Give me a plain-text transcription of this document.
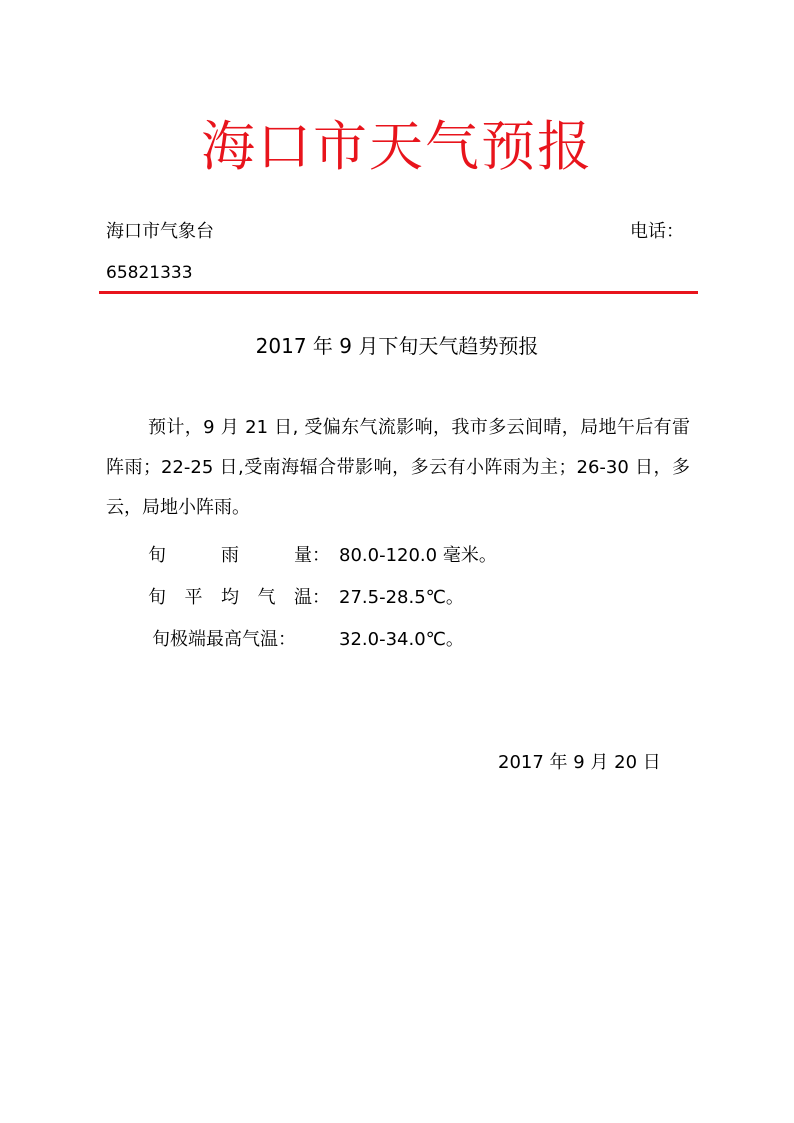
海口市天气预报
海口市气象台	电话：
65821333
2017 年 9 月下旬天气趋势预报

预计，9 月 21 日, 受偏东气流影响，我市多云间晴，局地午后有雷阵雨；22-25 日,受南海辐合带影响，多云有小阵雨为主；26-30 日，多云，局地小阵雨。

旬	雨	量： 80.0-120.0 毫米。
旬 平 均 气 温： 27.5-28.5℃。
旬极端最高气温：	32.0-34.0℃。
2017 年 9 月 20 日
